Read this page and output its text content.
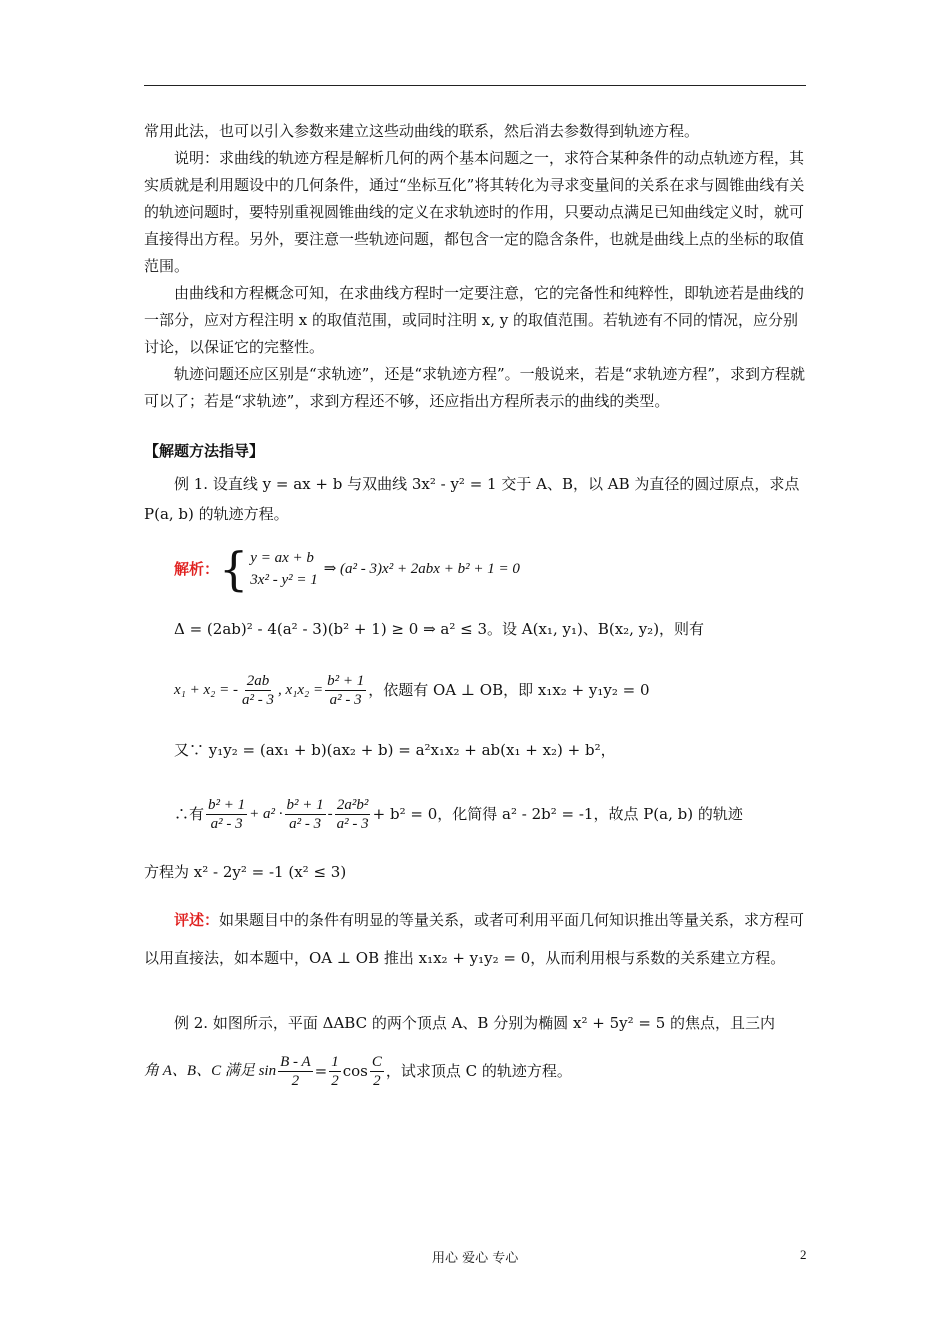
常用此法，也可以引入参数来建立这些动曲线的联系，然后消去参数得到轨迹方程。

说明：求曲线的轨迹方程是解析几何的两个基本问题之一，求符合某种条件的动点轨迹方程，其实质就是利用题设中的几何条件，通过“坐标互化”将其转化为寻求变量间的关系在求与圆锥曲线有关的轨迹问题时，要特别重视圆锥曲线的定义在求轨迹时的作用，只要动点满足已知曲线定义时，就可直接得出方程。另外，要注意一些轨迹问题，都包含一定的隐含条件，也就是曲线上点的坐标的取值范围。

由曲线和方程概念可知，在求曲线方程时一定要注意，它的完备性和纯粹性，即轨迹若是曲线的一部分，应对方程注明 x 的取值范围，或同时注明 x, y 的取值范围。若轨迹有不同的情况，应分别讨论，以保证它的完整性。

轨迹问题还应区别是“求轨迹”，还是“求轨迹方程”。一般说来，若是“求轨迹方程”，求到方程就可以了；若是“求轨迹”，求到方程还不够，还应指出方程所表示的曲线的类型。

【解题方法指导】

例 1. 设直线 y = ax + b 与双曲线 3x² - y² = 1 交于 A、B，以 AB 为直径的圆过原点，求点 P(a, b) 的轨迹方程。

解析： { y = ax + b
3x² - y² = 1
⇒ (a² - 3)x² + 2abx + b² + 1 = 0
Δ = (2ab)² - 4(a² - 3)(b² + 1) ≥ 0 ⇒ a² ≤ 3。设 A(x₁, y₁)、B(x₂, y₂)，则有
x₁ + x₂ = - $\frac{2ab}{\text{a² - 3}}$ , $x_1x_2 = \frac{\text{b² + 1}}{\text{a² - 3}}$ ，依题有 OA ⊥ OB，即 x₁x₂ + y₁y₂ = 0
又∵ y₁y₂ = (ax₁ + b)(ax₂ + b) = a²x₁x₂ + ab(x₁ + x₂) + b²，
∴有 $\frac{\text{b² + 1}}{\text{a² - 3}} + a^2 \cdot \frac{\text{b² + 1}}{\text{a² - 3}} - \frac{\text{2a²b²}}{\text{a² - 3}} + b^2 = 0$，化简得 a² - 2b² = -1，故点 P(a, b) 的轨迹

方程为 x² - 2y² = -1 (x² ≤ 3)

评述：如果题目中的条件有明显的等量关系，或者可利用平面几何知识推出等量关系，求方程可以用直接法，如本题中，OA ⊥ OB 推出 x₁x₂ + y₁y₂ = 0，从而利用根与系数的关系建立方程。

例 2. 如图所示，平面 ΔABC 的两个顶点 A、B 分别为椭圆 x² + 5y² = 5 的焦点，且三内

角 A、B、C 满足 $\sin \frac{B - A}{2} = \frac{1}{2}$ $\cos \frac{C}{2}$ ，试求顶点 C 的轨迹方程。
用心 爱心 专心	2
